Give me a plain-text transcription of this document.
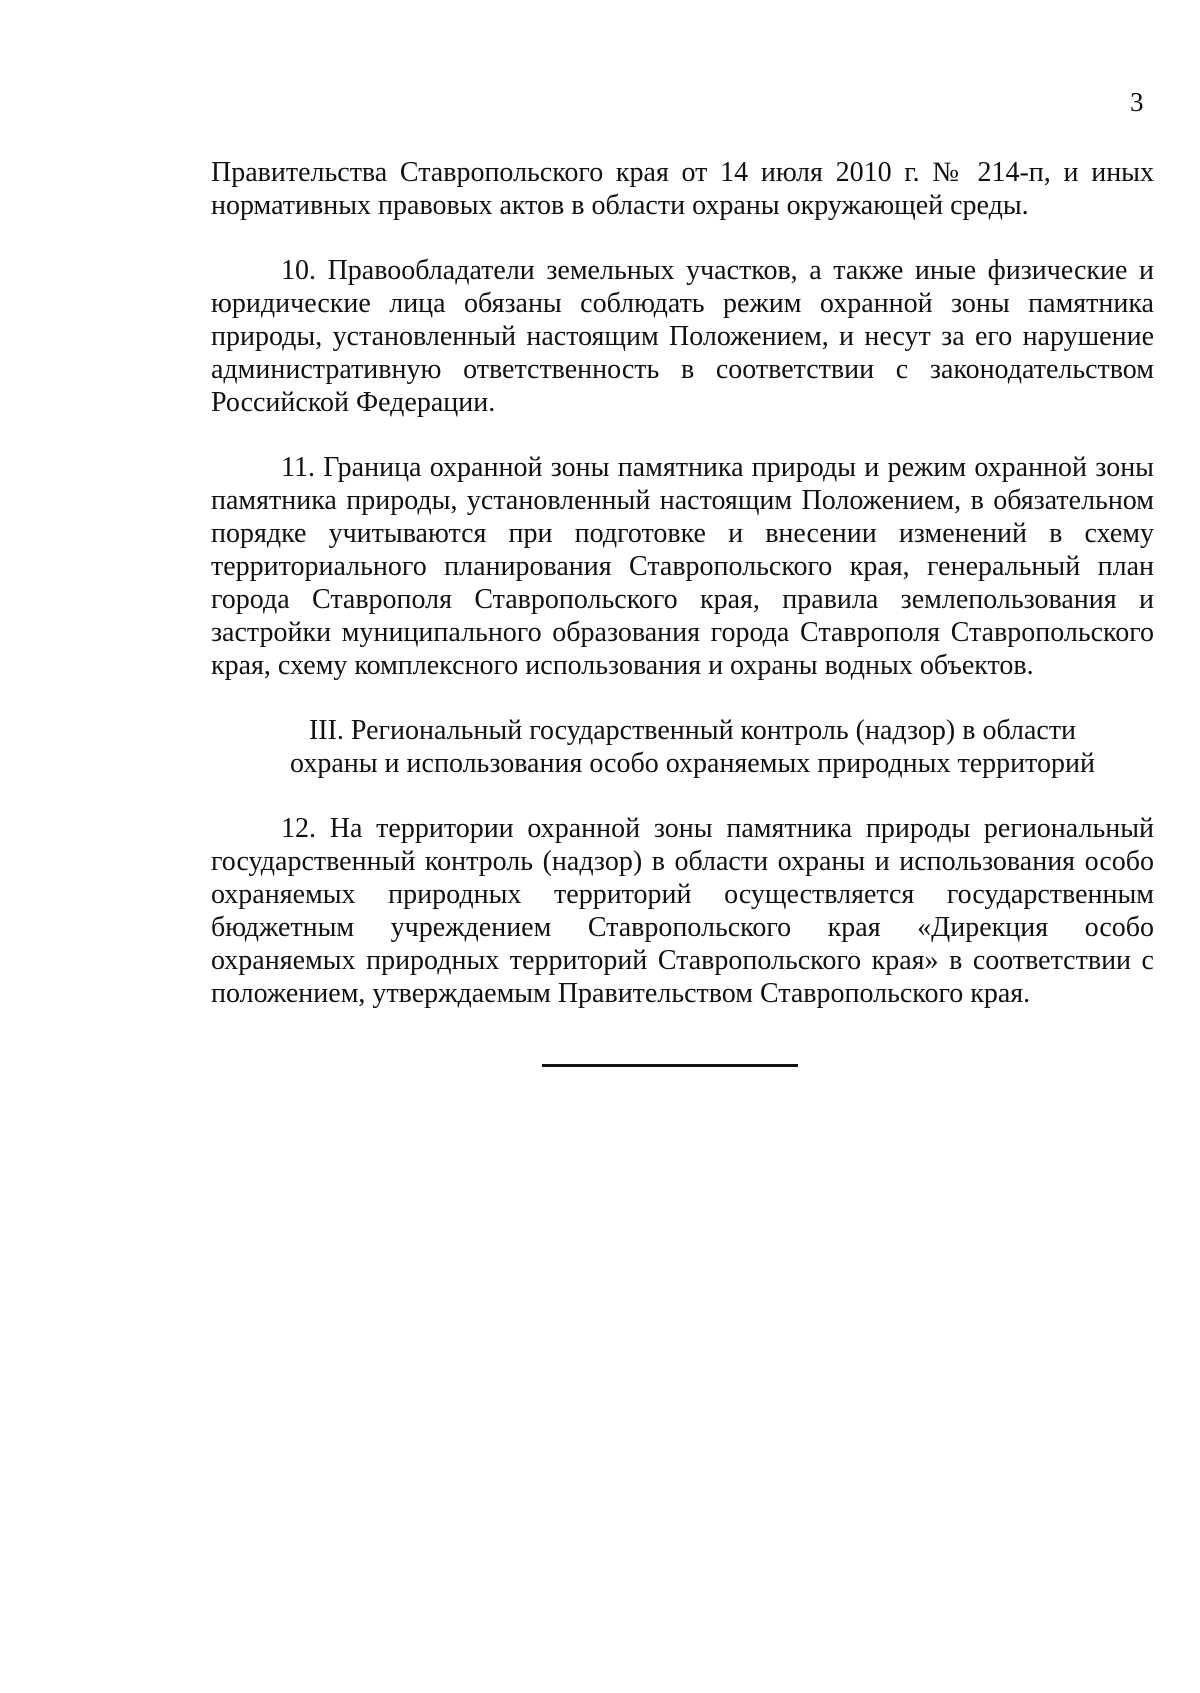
3

Правительства Ставропольского края от 14 июля 2010 г. № 214-п, и иных нормативных правовых актов в области охраны окружающей среды.

10. Правообладатели земельных участков, а также иные физические и юридические лица обязаны соблюдать режим охранной зоны памятника природы, установленный настоящим Положением, и несут за его нарушение административную ответственность в соответствии с законодательством Российской Федерации.

11. Граница охранной зоны памятника природы и режим охранной зоны памятника природы, установленный настоящим Положением, в обязательном порядке учитываются при подготовке и внесении изменений в схему территориального планирования Ставропольского края, генеральный план города Ставрополя Ставропольского края, правила землепользования и застройки муниципального образования города Ставрополя Ставропольского края, схему комплексного использования и охраны водных объектов.

III. Региональный государственный контроль (надзор) в области
охраны и использования особо охраняемых природных территорий

12. На территории охранной зоны памятника природы региональный государственный контроль (надзор) в области охраны и использования особо охраняемых природных территорий осуществляется государственным бюджетным учреждением Ставропольского края «Дирекция особо охраняемых природных территорий Ставропольского края» в соответствии с положением, утверждаемым Правительством Ставропольского края.
